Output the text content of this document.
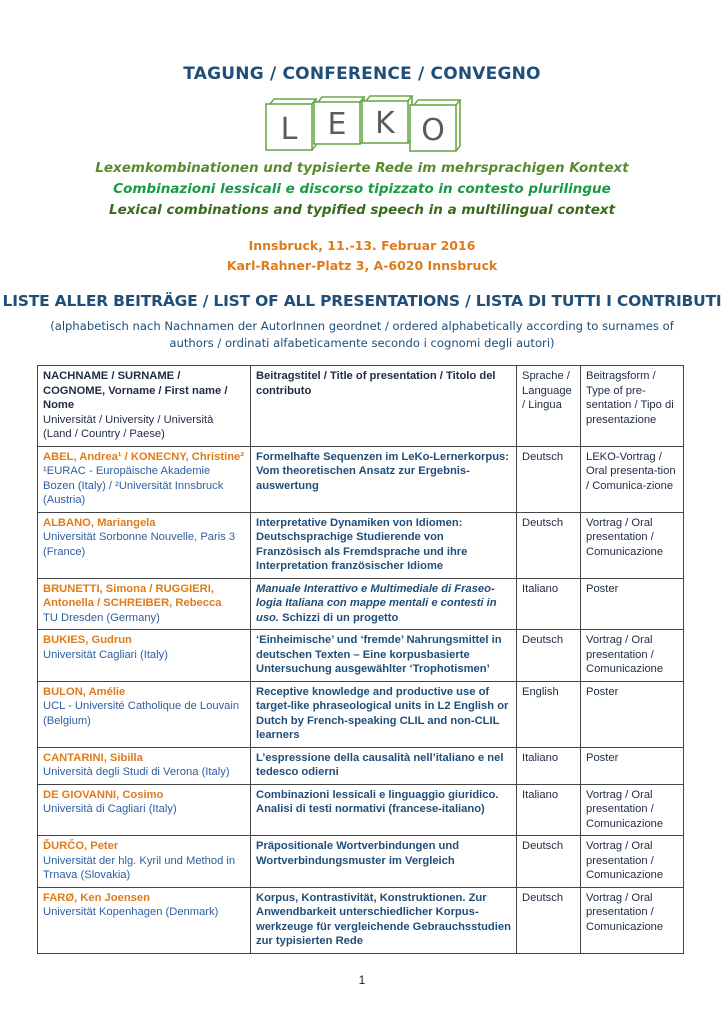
TAGUNG / CONFERENCE / CONVEGNO
L E K O
Lexemkombinationen und typisierte Rede im mehrsprachigen Kontext
Combinazioni lessicali e discorso tipizzato in contesto plurilingue
Lexical combinations and typified speech in a multilingual context
Innsbruck, 11.-13. Februar 2016
Karl-Rahner-Platz 3, A-6020 Innsbruck
LISTE ALLER BEITRÄGE / LIST OF ALL PRESENTATIONS / LISTA DI TUTTI I CONTRIBUTI
(alphabetisch nach Nachnamen der AutorInnen geordnet / ordered alphabetically according to surnames of authors / ordinati alfabeticamente secondo i cognomi degli autori)
NACHNAME / SURNAME / COGNOME, Vorname / First name / Nome
Universität / University / Università (Land / Country / Paese)	Beitragstitel / Title of presentation / Titolo del contributo	Sprache / Language / Lingua	Beitragsform / Type of pre-sentation / Tipo di presentazione

ABEL, Andrea¹ / KONECNY, Christine²
¹EURAC - Europäische Akademie Bozen (Italy) / ²Universität Innsbruck (Austria)	Formelhafte Sequenzen im LeKo-Lernerkorpus: Vom theoretischen Ansatz zur Ergebnis-auswertung	Deutsch	LEKO-Vortrag / Oral presenta-tion / Comunica-zione

ALBANO, Mariangela
Universität Sorbonne Nouvelle, Paris 3 (France)	Interpretative Dynamiken von Idiomen: Deutschsprachige Studierende von Französisch als Fremdsprache und ihre Interpretation französischer Idiome	Deutsch	Vortrag / Oral presentation / Comunicazione

BRUNETTI, Simona / RUGGIERI, Antonella / SCHREIBER, Rebecca
TU Dresden (Germany)	Manuale Interattivo e Multimediale di Fraseo-logia Italiana con mappe mentali e contesti in uso. Schizzi di un progetto	Italiano	Poster

BUKIES, Gudrun
Universität Cagliari (Italy)	‘Einheimische’ und ‘fremde’ Nahrungsmittel in deutschen Texten – Eine korpusbasierte Untersuchung ausgewählter ‘Trophotismen’	Deutsch	Vortrag / Oral presentation / Comunicazione

BULON, Amélie
UCL - Université Catholique de Louvain (Belgium)	Receptive knowledge and productive use of target-like phraseological units in L2 English or Dutch by French-speaking CLIL and non-CLIL learners	English	Poster

CANTARINI, Sibilla
Università degli Studi di Verona (Italy)	L’espressione della causalità nell’italiano e nel tedesco odierni	Italiano	Poster

DE GIOVANNI, Cosimo
Università di Cagliari (Italy)	Combinazioni lessicali e linguaggio giuridico. Analisi di testi normativi (francese-italiano)	Italiano	Vortrag / Oral presentation / Comunicazione

ĎURČO, Peter
Universität der hlg. Kyril und Method in Trnava (Slovakia)	Präpositionale Wortverbindungen und Wortverbindungsmuster im Vergleich	Deutsch	Vortrag / Oral presentation / Comunicazione

FARØ, Ken Joensen
Universität Kopenhagen (Denmark)	Korpus, Kontrastivität, Konstruktionen. Zur Anwendbarkeit unterschiedlicher Korpus-werkzeuge für vergleichende Gebrauchsstudien zur typisierten Rede	Deutsch	Vortrag / Oral presentation / Comunicazione
1
